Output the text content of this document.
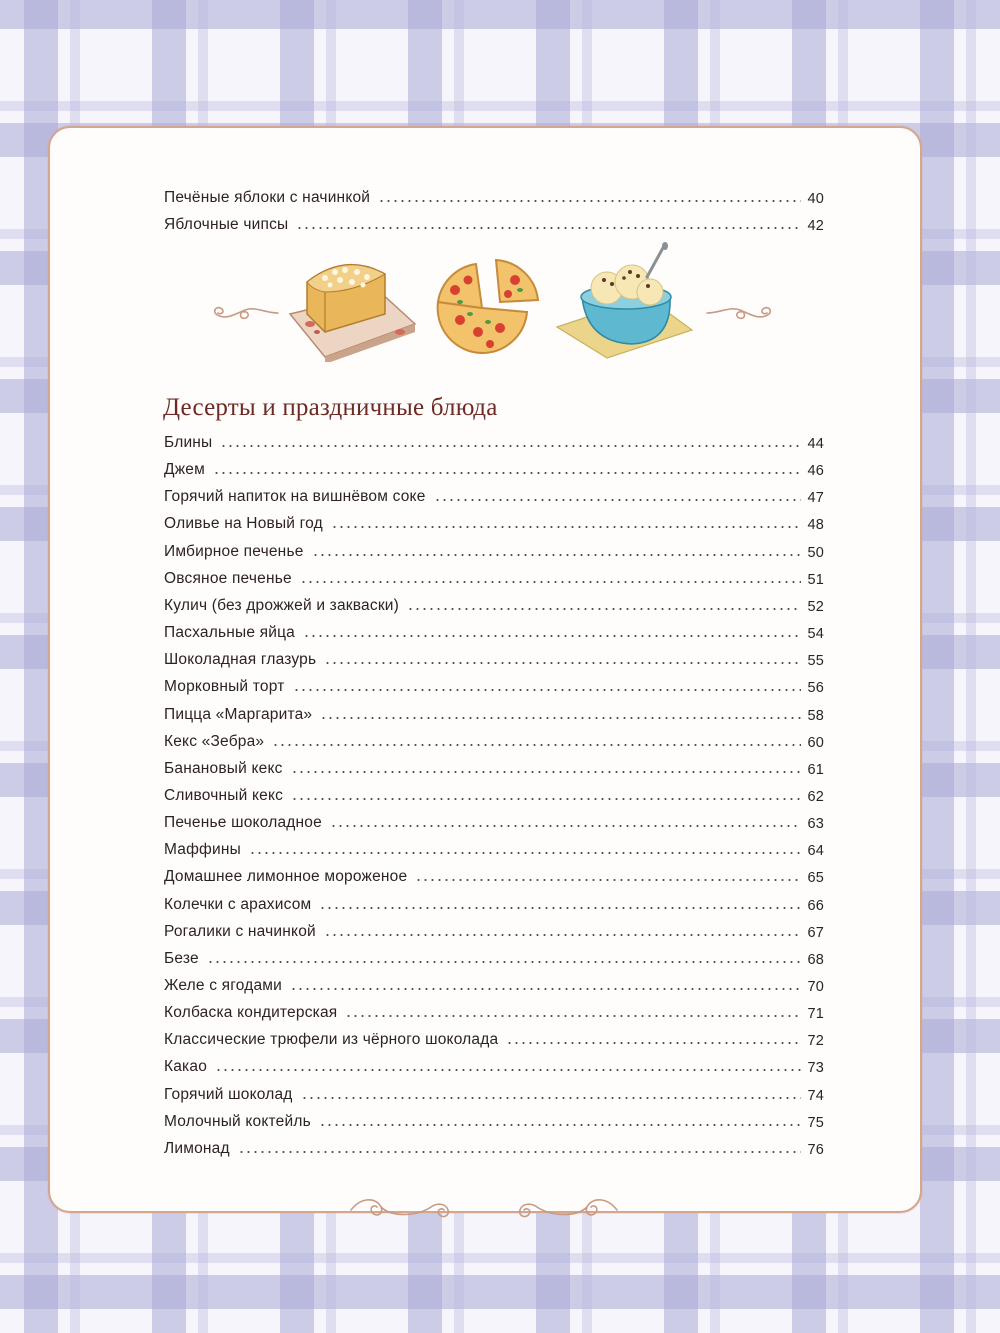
Печёные яблоки с начинкой	40
Яблочные чипсы	42
Десерты и праздничные блюда
Блины	44
Джем	46
Горячий напиток на вишнёвом соке	47
Оливье на Новый год	48
Имбирное печенье	50
Овсяное печенье	51
Кулич (без дрожжей и закваски)	52
Пасхальные яйца	54
Шоколадная глазурь	55
Морковный торт	56
Пицца «Маргарита»	58
Кекс «Зебра»	60
Банановый кекс	61
Сливочный кекс	62
Печенье шоколадное	63
Маффины	64
Домашнее лимонное мороженое	65
Колечки с арахисом	66
Рогалики с начинкой	67
Безе	68
Желе с ягодами	70
Колбаска кондитерская	71
Классические трюфели из чёрного шоколада	72
Какао	73
Горячий шоколад	74
Молочный коктейль	75
Лимонад	76
